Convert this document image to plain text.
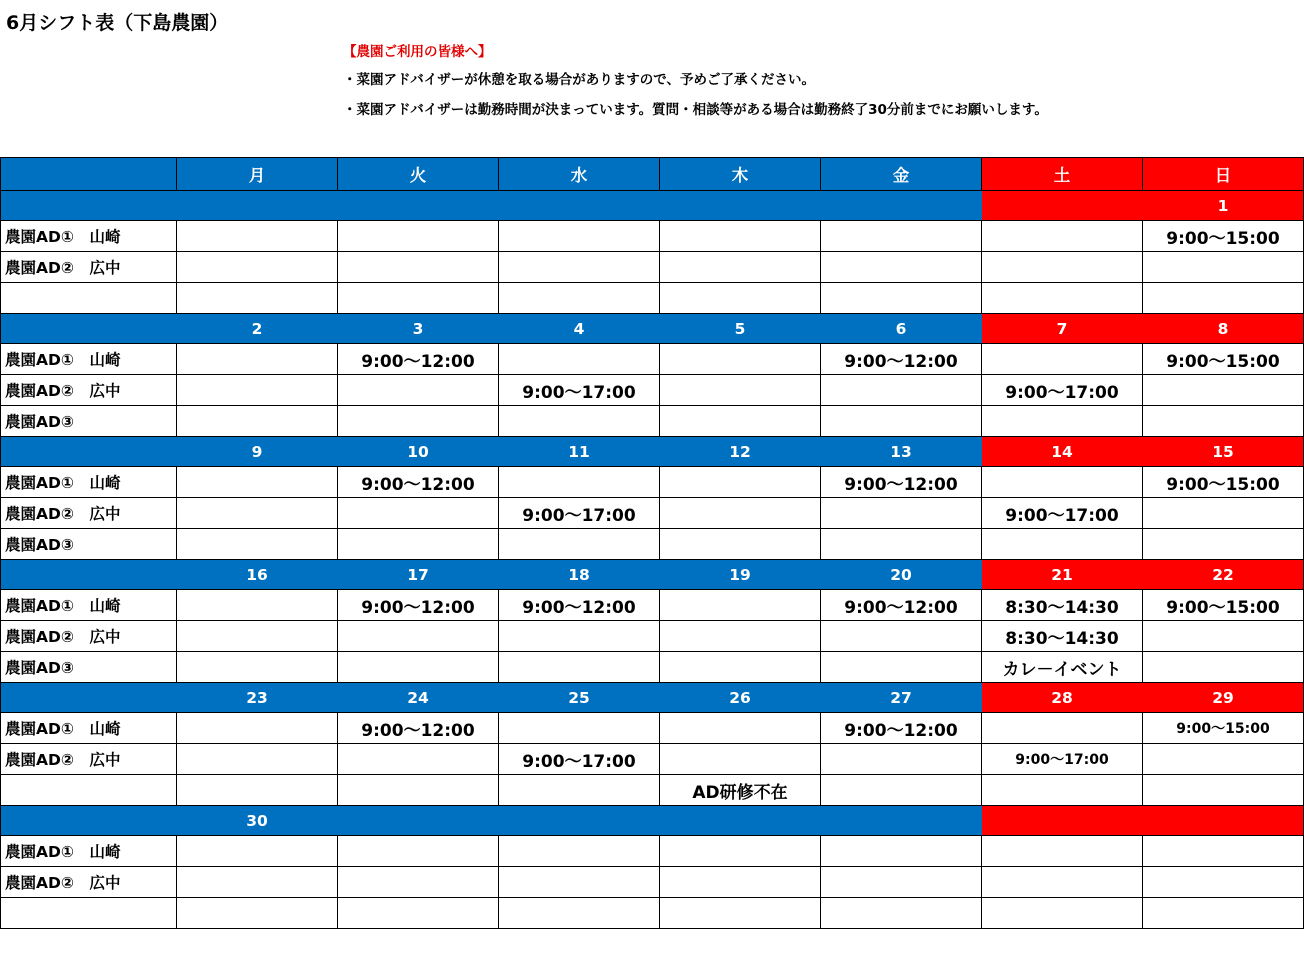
6月シフト表（下島農園）
【農園ご利用の皆様へ】
・菜園アドバイザーが休憩を取る場合がありますので、予めご了承ください。
・菜園アドバイザーは勤務時間が決まっています。質問・相談等がある場合は勤務終了30分前までにお願いします。
	月	火	水	木	金	土	日
							1
農園AD①　山崎							9:00～15:00
農園AD②　広中							

	2	3	4	5	6	7	8
農園AD①　山崎		9:00～12:00			9:00～12:00		9:00～15:00
農園AD②　広中			9:00～17:00			9:00～17:00	
農園AD③							
	9	10	11	12	13	14	15
農園AD①　山崎		9:00～12:00			9:00～12:00		9:00～15:00
農園AD②　広中			9:00～17:00			9:00～17:00	
農園AD③							
	16	17	18	19	20	21	22
農園AD①　山崎		9:00～12:00	9:00～12:00		9:00～12:00	8:30～14:30	9:00～15:00
農園AD②　広中						8:30～14:30	
農園AD③						カレ－イベント	
	23	24	25	26	27	28	29
農園AD①　山崎		9:00～12:00			9:00～12:00		9:00～15:00
農園AD②　広中			9:00～17:00			9:00～17:00	
				AD研修不在			
	30						
農園AD①　山崎							
農園AD②　広中							
